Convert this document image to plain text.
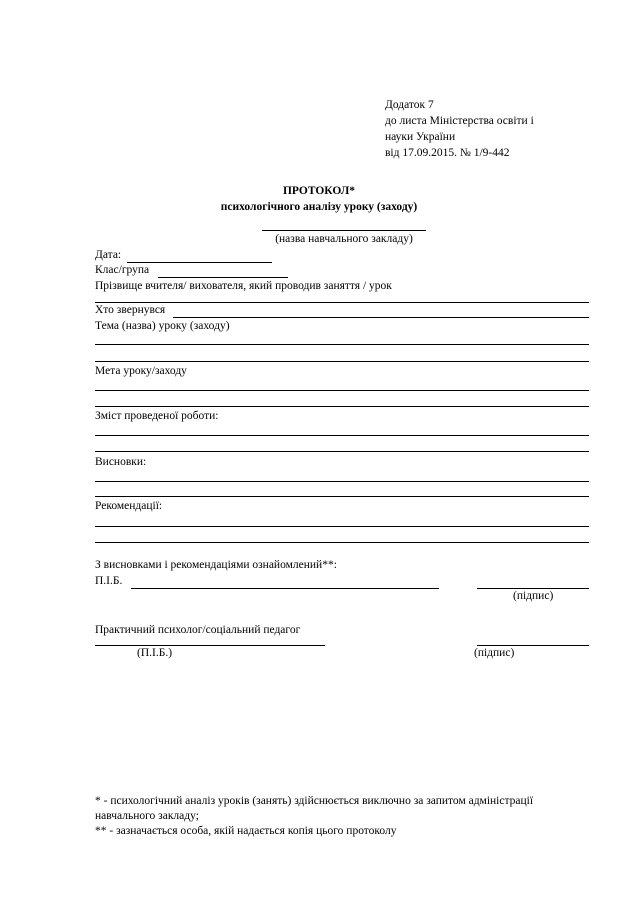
Додаток 7
до листа Міністерства освіти і
науки України
від 17.09.2015. № 1/9-442
ПРОТОКОЛ*
психологічного аналізу уроку (заходу)
(назва навчального закладу)
Дата:
Клас/група
Прізвище вчителя/ вихователя, який проводив заняття / урок
Хто звернувся
Тема (назва) уроку (заходу)
Мета уроку/заходу
Зміст проведеної роботи:
Висновки:
Рекомендації:
З висновками і рекомендаціями ознайомлений**:
П.І.Б.
(підпис)
Практичний психолог/соціальний педагог
(П.І.Б.)	(підпис)
* - психологічний аналіз уроків (занять) здійснюється виключно за запитом адміністрації
навчального закладу;
** - зазначається особа, якій надається копія цього протоколу
